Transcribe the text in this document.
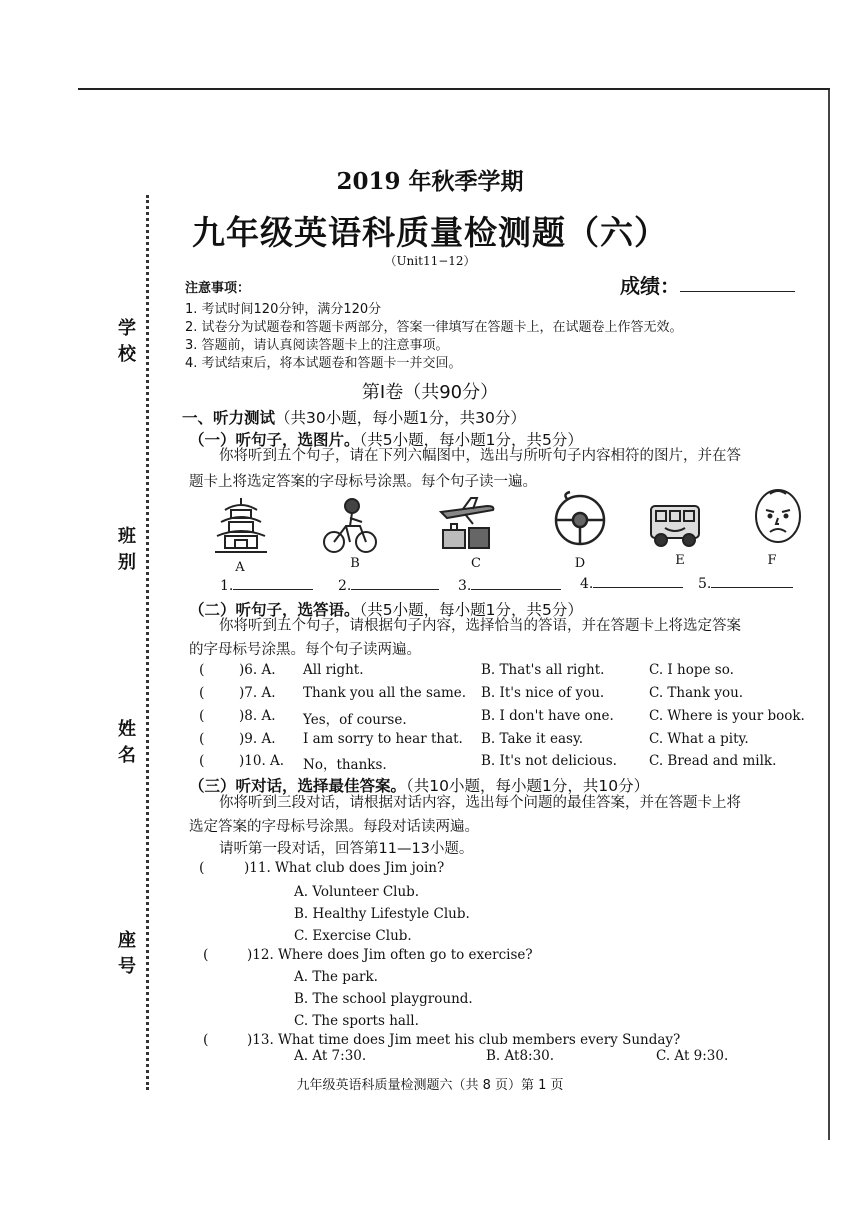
学校
班别
姓名
座号
2019 年秋季学期
九年级英语科质量检测题（六）
（Unit11−12）
成绩：
注意事项：
1. 考试时间120分钟，满分120分
2. 试卷分为试题卷和答题卡两部分，答案一律填写在答题卡上，在试题卷上作答无效。
3. 答题前，请认真阅读答题卡上的注意事项。
4. 考试结束后，将本试题卷和答题卡一并交回。
第Ⅰ卷（共90分）
一、听力测试（共30小题，每小题1分，共30分）
（一）听句子，选图片。（共5小题，每小题1分，共5分）
你将听到五个句子，请在下列六幅图中，选出与所听句子内容相符的图片，并在答
题卡上将选定答案的字母标号涂黑。每个句子读一遍。
A	B	C	D	E	F
1.	2.	3.	4.	5.
（二）听句子，选答语。（共5小题，每小题1分，共5分）
你将听到五个句子，请根据句子内容，选择恰当的答语，并在答题卡上将选定答案
的字母标号涂黑。每个句子读两遍。
(	)6. A. All right.	B. That's all right.	C. I hope so.
(	)7. A. Thank you all the same. B. It's nice of you.	C. Thank you.
(	)8. A. Yes，of course.	B. I don't have one.	C. Where is your book.
(	)9. A. I am sorry to hear that. B. Take it easy.	C. What a pity.
(	)10. A. No，thanks.	B. It's not delicious. C. Bread and milk.
（三）听对话，选择最佳答案。（共10小题，每小题1分，共10分）
你将听到三段对话，请根据对话内容，选出每个问题的最佳答案，并在答题卡上将
选定答案的字母标号涂黑。每段对话读两遍。
请听第一段对话，回答第11—13小题。
(	)11. What club does Jim join?
A. Volunteer Club.
B. Healthy Lifestyle Club.
C. Exercise Club.
(	)12. Where does Jim often go to exercise?
A. The park.
B. The school playground.
C. The sports hall.
(	)13. What time does Jim meet his club members every Sunday?
A. At 7:30.	B. At8:30.	C. At 9:30.
九年级英语科质量检测题六（共 8 页）第 1 页
